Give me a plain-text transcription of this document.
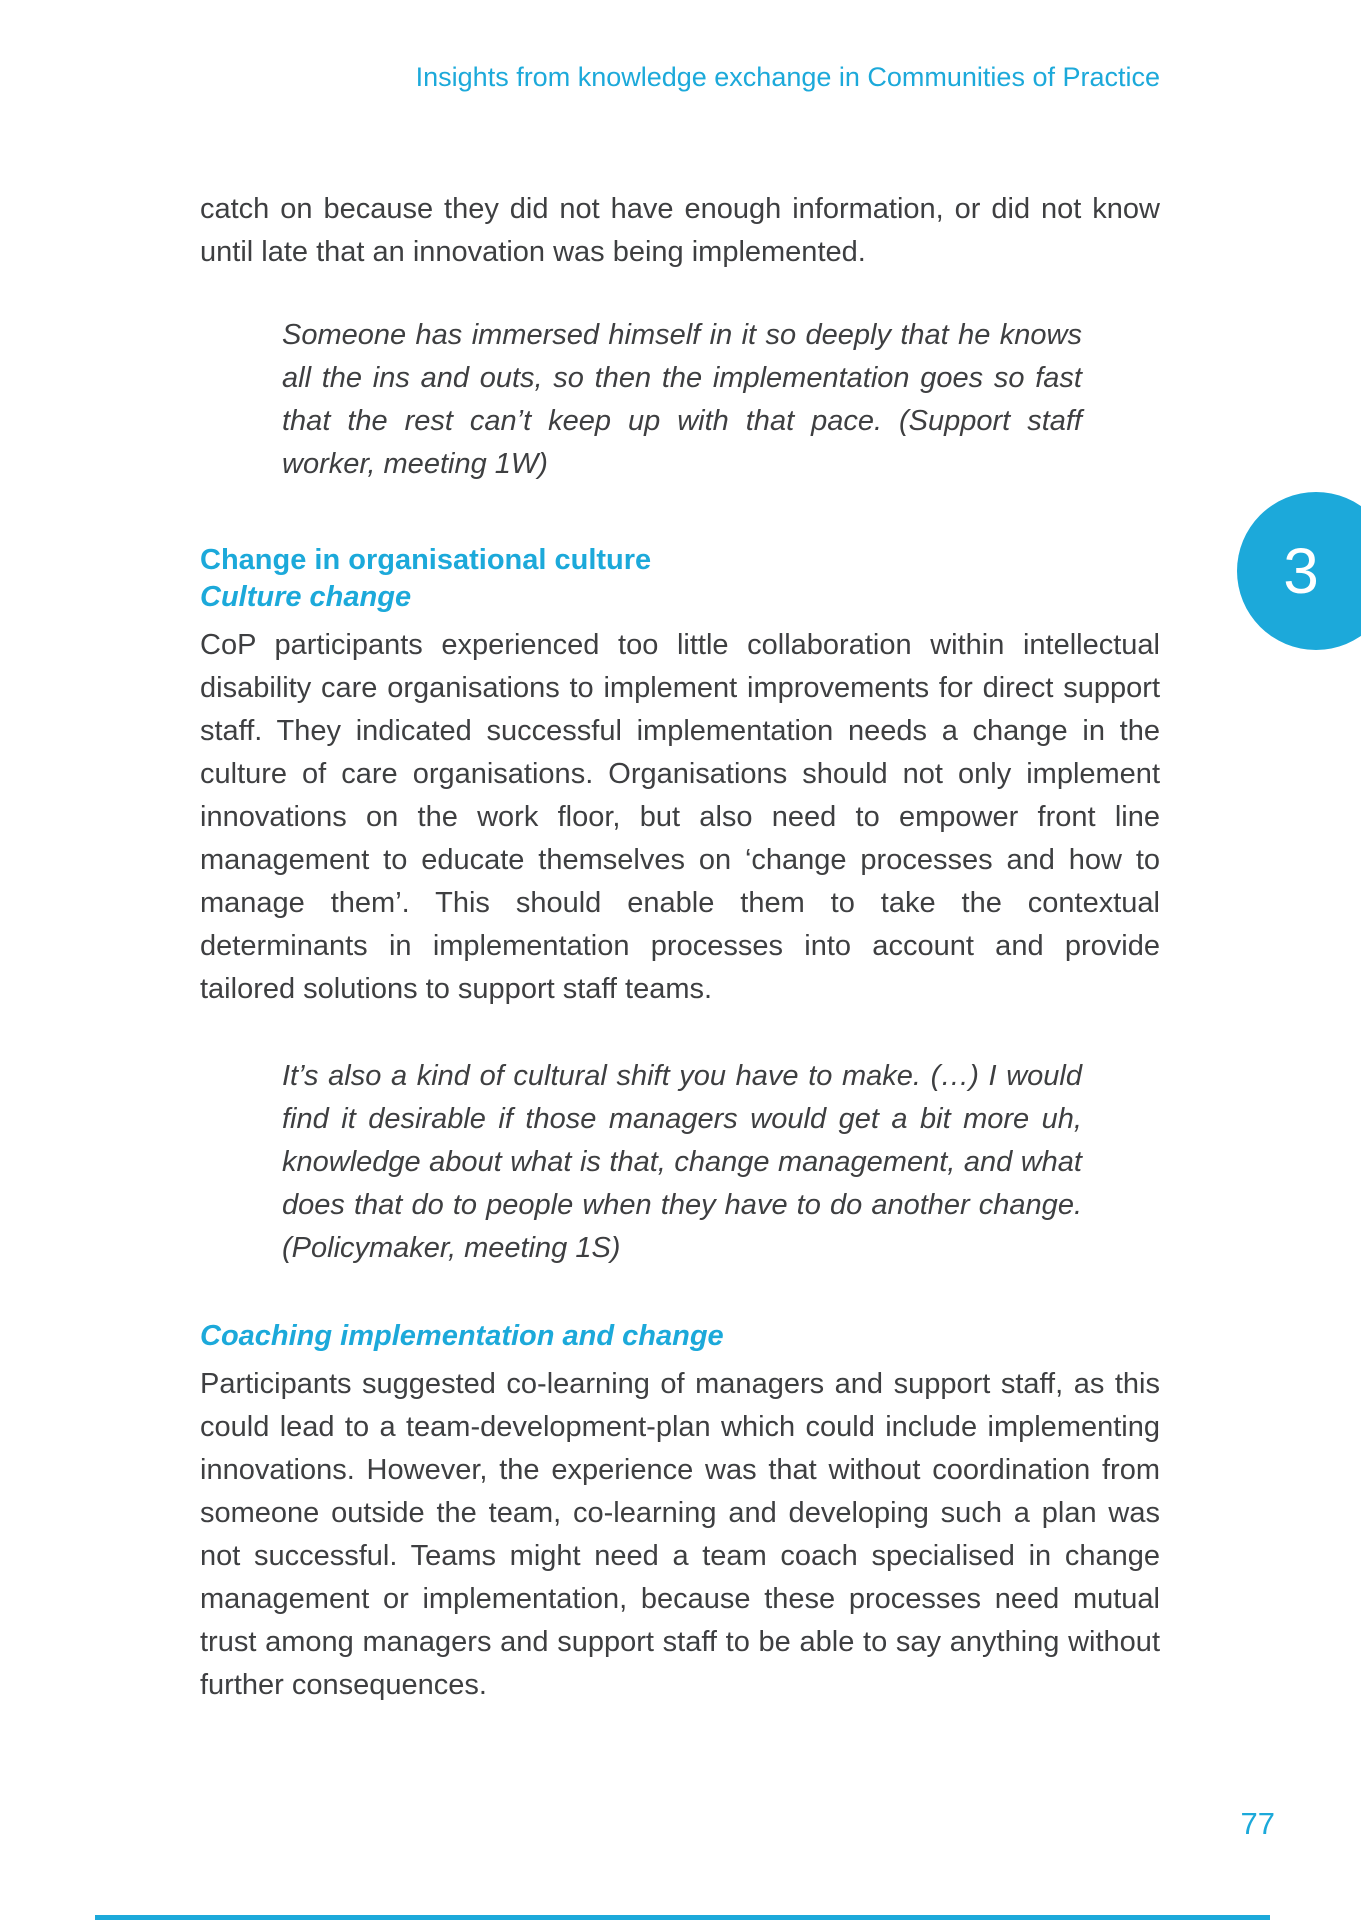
Insights from knowledge exchange in Communities of Practice

catch on because they did not have enough information, or did not know until late that an innovation was being implemented.

Someone has immersed himself in it so deeply that he knows all the ins and outs, so then the implementation goes so fast that the rest can’t keep up with that pace. (Support staff worker, meeting 1W)
Change in organisational culture
Culture change

CoP participants experienced too little collaboration within intellectual disability care organisations to implement improvements for direct support staff. They indicated successful implementation needs a change in the culture of care organisations. Organisations should not only implement innovations on the work floor, but also need to empower front line management to educate themselves on ‘change processes and how to manage them’. This should enable them to take the contextual determinants in implementation processes into account and provide tailored solutions to support staff teams.

It’s also a kind of cultural shift you have to make. (…) I would find it desirable if those managers would get a bit more uh, knowledge about what is that, change management, and what does that do to people when they have to do another change. (Policymaker, meeting 1S)
Coaching implementation and change

Participants suggested co-learning of managers and support staff, as this could lead to a team-development-plan which could include implementing innovations. However, the experience was that without coordination from someone outside the team, co-learning and developing such a plan was not successful. Teams might need a team coach specialised in change management or implementation, because these processes need mutual trust among managers and support staff to be able to say anything without further consequences.

3
77
